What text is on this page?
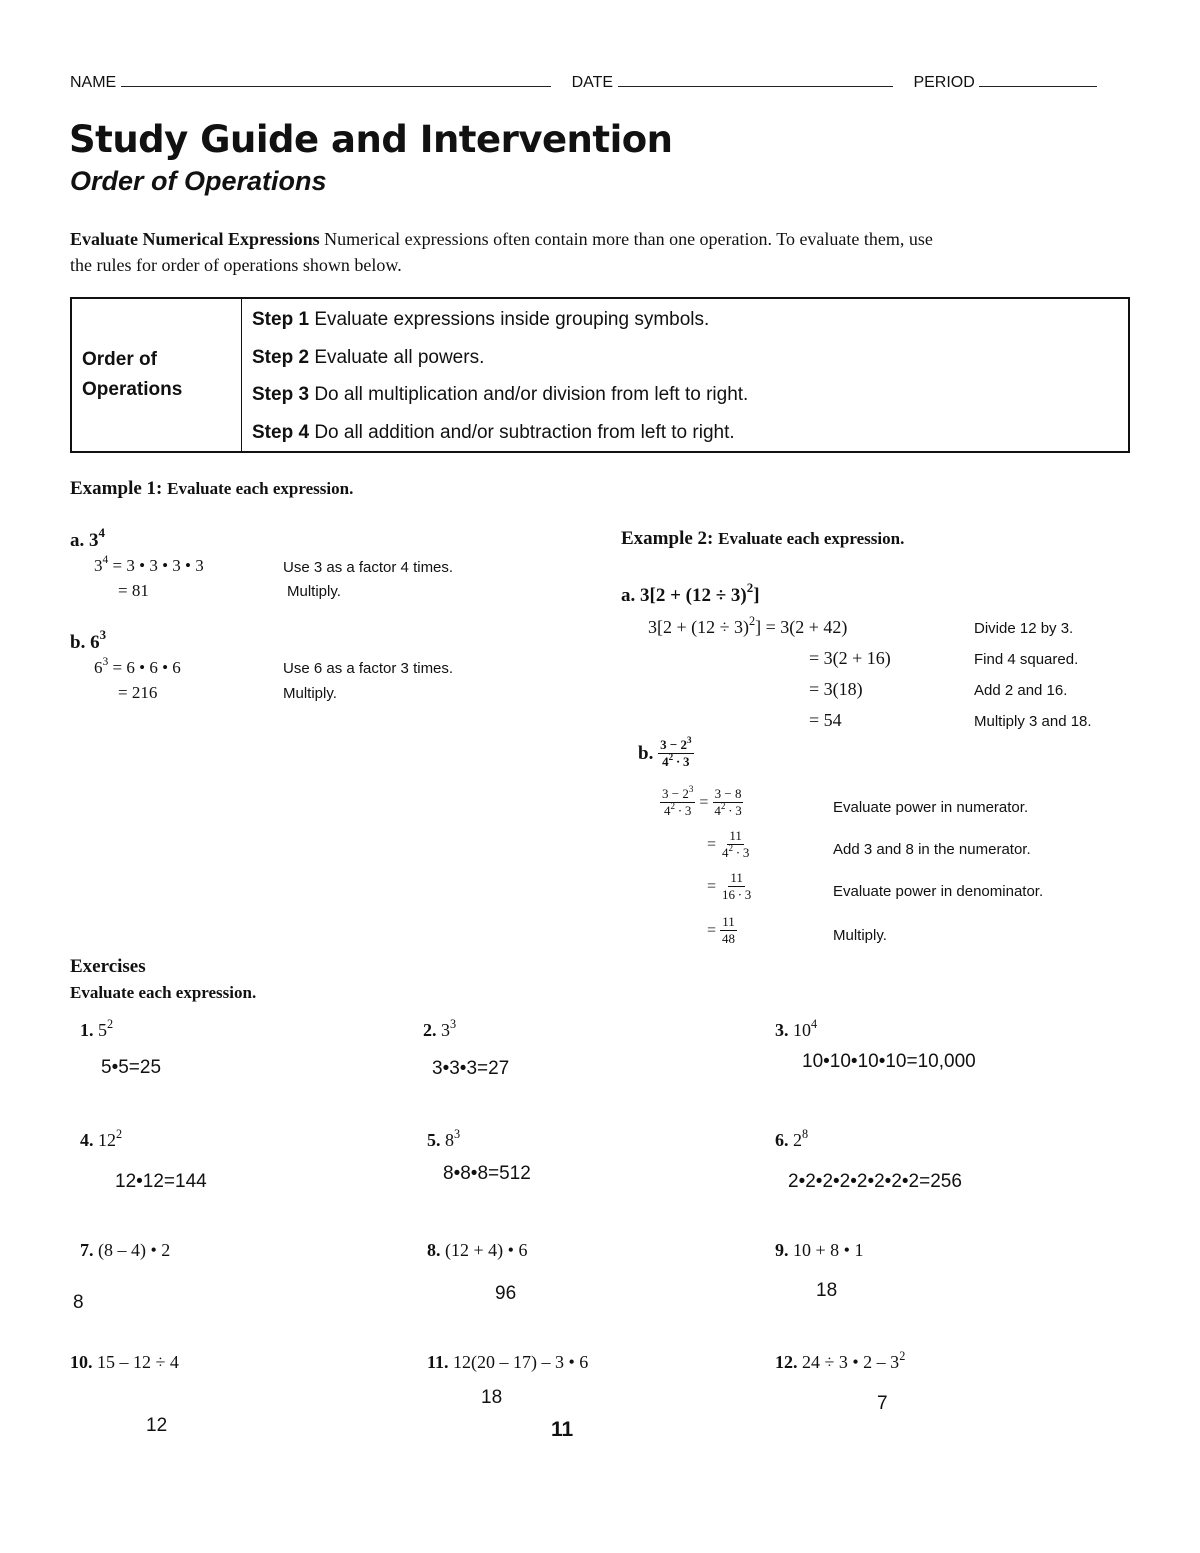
NAME	DATE	PERIOD
Study Guide and Intervention
Order of Operations
Evaluate Numerical Expressions Numerical expressions often contain more than one operation. To evaluate them, use
the rules for order of operations shown below.
Order of
Operations

Step 1 Evaluate expressions inside grouping symbols.
Step 2 Evaluate all powers.
Step 3 Do all multiplication and/or division from left to right.
Step 4 Do all addition and/or subtraction from left to right.
Example 1: Evaluate each expression.
a. $3^4$
$3^4 = 3$ • 3 • 3 • 3	Use 3 as a factor 4 times.
= 81	Multiply.
b. $6^3$
$6^3 = 6$ • 6 • 6	Use 6 as a factor 3 times.
= 216	Multiply.
Example 2: Evaluate each expression.
a. $3[2 + (12 \div 3)^2]$
$3[2 + (12 \div 3)^2] = 3(2 + 42)$	Divide 12 by 3.
= 3(2 + 16)	Find 4 squared.
= 3(18)	Add 2 and 16.
= 54	Multiply 3 and 18.
b. $\frac{3 - 2^3}{4^2 \cdot 3}$
$\frac{3 - 2^3}{4^2 \cdot 3} = \frac{3 - 8}{4^2 \cdot 3}$	Evaluate power in numerator.
= $\frac{11}{4^2 \cdot 3}$	Add 3 and 8 in the numerator.
= $\frac{11}{16 \cdot 3}$	Evaluate power in denominator.
= $\frac{11}{48}$	Multiply.
Exercises
Evaluate each expression.
1. $5^2$
5•5=25
2. $3^3$
3•3•3=27
3. $10^4$
10•10•10•10=10,000
4. $12^2$
12•12=144
5. $8^3$
8•8•8=512
6. $2^8$
2•2•2•2•2•2•2•2=256
7. (8 – 4) • 2
8
8. (12 + 4) • 6
96
9. 10 + 8 • 1
18
10. 15 – 12 ÷ 4
12
11. 12(20 – 17) – 3 • 6
18
12. 24 ÷ 3 • $2 - 3^2$
7
11
